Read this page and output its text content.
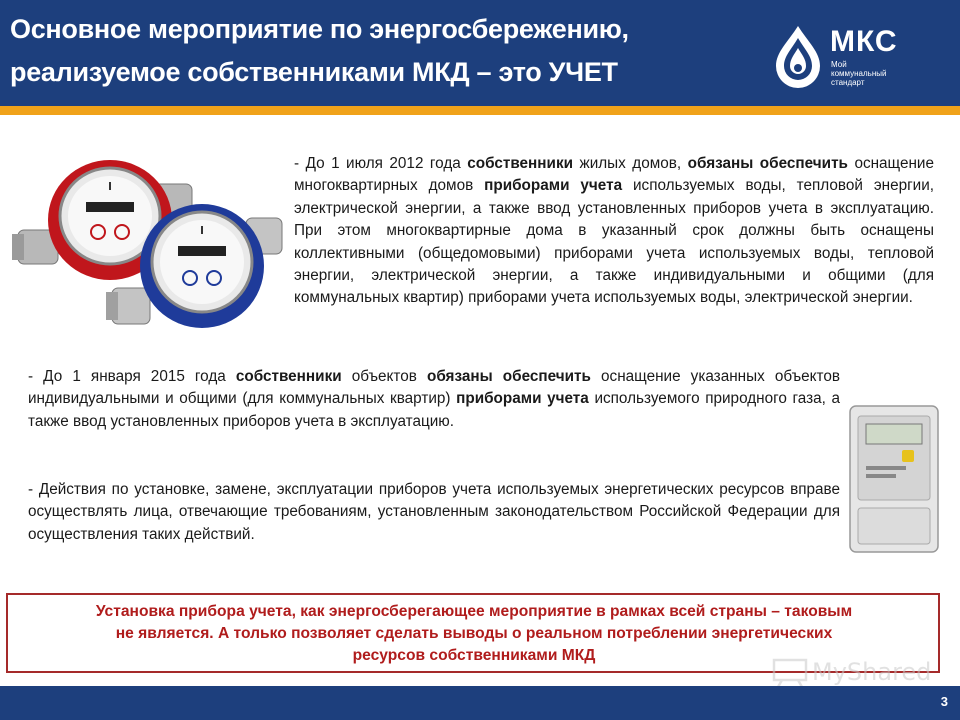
Основное мероприятие по энергосбережению,
реализуемое собственниками МКД – это УЧЕТ
МКС
Мой
коммунальный
стандарт
- До 1 июля 2012 года собственники жилых домов, обязаны обеспечить оснащение многоквартирных домов приборами учета используемых воды, тепловой энергии, электрической энергии, а также ввод установленных приборов учета в эксплуатацию. При этом многоквартирные дома в указанный срок должны быть оснащены коллективными (общедомовыми) приборами учета используемых воды, тепловой энергии, электрической энергии, а также индивидуальными и общими (для коммунальных квартир) приборами учета используемых воды, электрической энергии.
- До 1 января 2015 года собственники объектов обязаны обеспечить оснащение указанных объектов индивидуальными и общими (для коммунальных квартир) приборами учета используемого природного газа, а также ввод установленных приборов учета в эксплуатацию.
- Действия по установке, замене, эксплуатации приборов учета используемых энергетических ресурсов вправе осуществлять лица, отвечающие требованиям, установленным законодательством Российской Федерации для осуществления таких действий.
Установка прибора учета, как энергосберегающее мероприятие в рамках всей страны – таковым
не является. А только позволяет сделать выводы о реальном потреблении энергетических
ресурсов собственниками МКД
MyShared
3
